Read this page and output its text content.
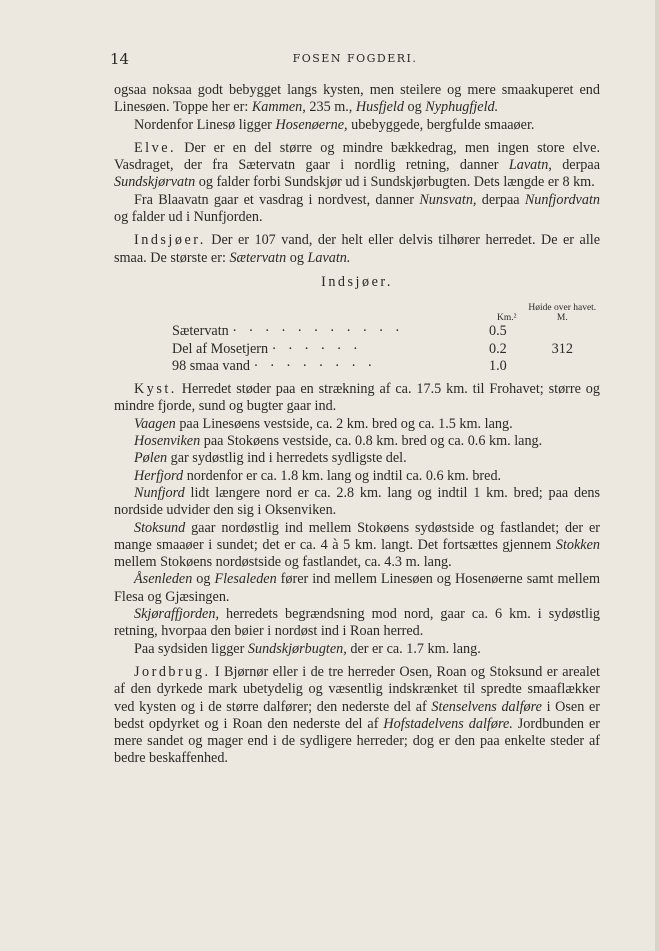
14	FOSEN FOGDERI.

ogsaa noksaa godt bebygget langs kysten, men steilere og mere smaakuperet end Linesøen. Toppe her er: Kammen, 235 m., Husfjeld og Nyphugfjeld.

Nordenfor Linesø ligger Hosenøerne, ubebyggede, bergfulde smaaøer.

Elve. Der er en del større og mindre bækkedrag, men ingen store elve. Vasdraget, der fra Sætervatn gaar i nordlig retning, danner Lavatn, derpaa Sundskjørvatn og falder forbi Sundskjør ud i Sundskjørbugten. Dets længde er 8 km.

Fra Blaavatn gaar et vasdrag i nordvest, danner Nunsvatn, derpaa Nunfjordvatn og falder ud i Nunfjorden.

Indsjøer. Der er 107 vand, der helt eller delvis tilhører herredet. De er alle smaa. De største er: Sætervatn og Lavatn.

Indsjøer.

Km.²	Høide over havet.
M.
Sætervatn · · · · · · · · · · ·	0.5	
Del af Mosetjern · · · · · ·	0.2	312
98 smaa vand · · · · · · · ·	1.0	

Kyst. Herredet støder paa en strækning af ca. 17.5 km. til Frohavet; større og mindre fjorde, sund og bugter gaar ind.

Vaagen paa Linesøens vestside, ca. 2 km. bred og ca. 1.5 km. lang.

Hosenviken paa Stokøens vestside, ca. 0.8 km. bred og ca. 0.6 km. lang.

Pølen gar sydøstlig ind i herredets sydligste del.

Herfjord nordenfor er ca. 1.8 km. lang og indtil ca. 0.6 km. bred.

Nunfjord lidt længere nord er ca. 2.8 km. lang og indtil 1 km. bred; paa dens nordside udvider den sig i Oksenviken.

Stoksund gaar nordøstlig ind mellem Stokøens sydøstside og fastlandet; der er mange smaaøer i sundet; det er ca. 4 à 5 km. langt. Det fortsættes gjennem Stokken mellem Stokøens nordøstside og fastlandet, ca. 4.3 m. lang.

Åsenleden og Flesaleden fører ind mellem Linesøen og Hosenøerne samt mellem Flesa og Gjæsingen.

Skjøraffjorden, herredets begrændsning mod nord, gaar ca. 6 km. i sydøstlig retning, hvorpaa den bøier i nordøst ind i Roan herred.

Paa sydsiden ligger Sundskjørbugten, der er ca. 1.7 km. lang.

Jordbrug. I Bjørnør eller i de tre herreder Osen, Roan og Stoksund er arealet af den dyrkede mark ubetydelig og væsentlig indskrænket til spredte smaaflækker ved kysten og i de større dalfører; den nederste del af Stenselvens dalføre i Osen er bedst opdyrket og i Roan den nederste del af Hofstadelvens dalføre. Jordbunden er mere sandet og mager end i de sydligere herreder; dog er den paa enkelte steder af bedre beskaffenhed.
